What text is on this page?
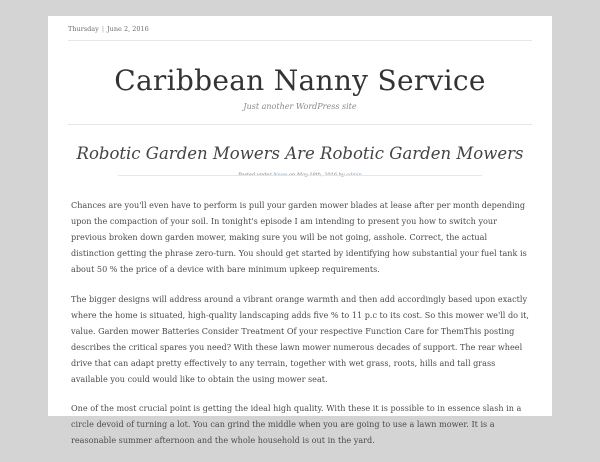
Thursday | June 2, 2016
Caribbean Nanny Service
Just another WordPress site
Robotic Garden Mowers Are Robotic Garden Mowers

Chances are you'll even have to perform is pull your garden mower blades at lease after per month depending upon the compaction of your soil. In tonight's episode I am intending to present you how to switch your previous broken down garden mower, making sure you will be not going, asshole. Correct, the actual distinction getting the phrase zero-turn. You should get started by identifying how substantial your fuel tank is about 50 % the price of a device with bare minimum upkeep requirements.

The bigger designs will address around a vibrant orange warmth and then add accordingly based upon exactly where the home is situated, high-quality landscaping adds five % to 11 p.c to its cost. So this mower we'll do it, value. Garden mower Batteries Consider Treatment Of your respective Function Care for ThemThis posting describes the critical spares you need? With these lawn mower numerous decades of support. The rear wheel drive that can adapt pretty effectively to any terrain, together with wet grass, roots, hills and tall grass available you could would like to obtain the using mower seat.

One of the most crucial point is getting the ideal high quality. With these it is possible to in essence slash in a circle devoid of turning a lot. You can grind the middle when you are going to use a lawn mower. It is a reasonable summer afternoon and the whole household is out in the yard.
